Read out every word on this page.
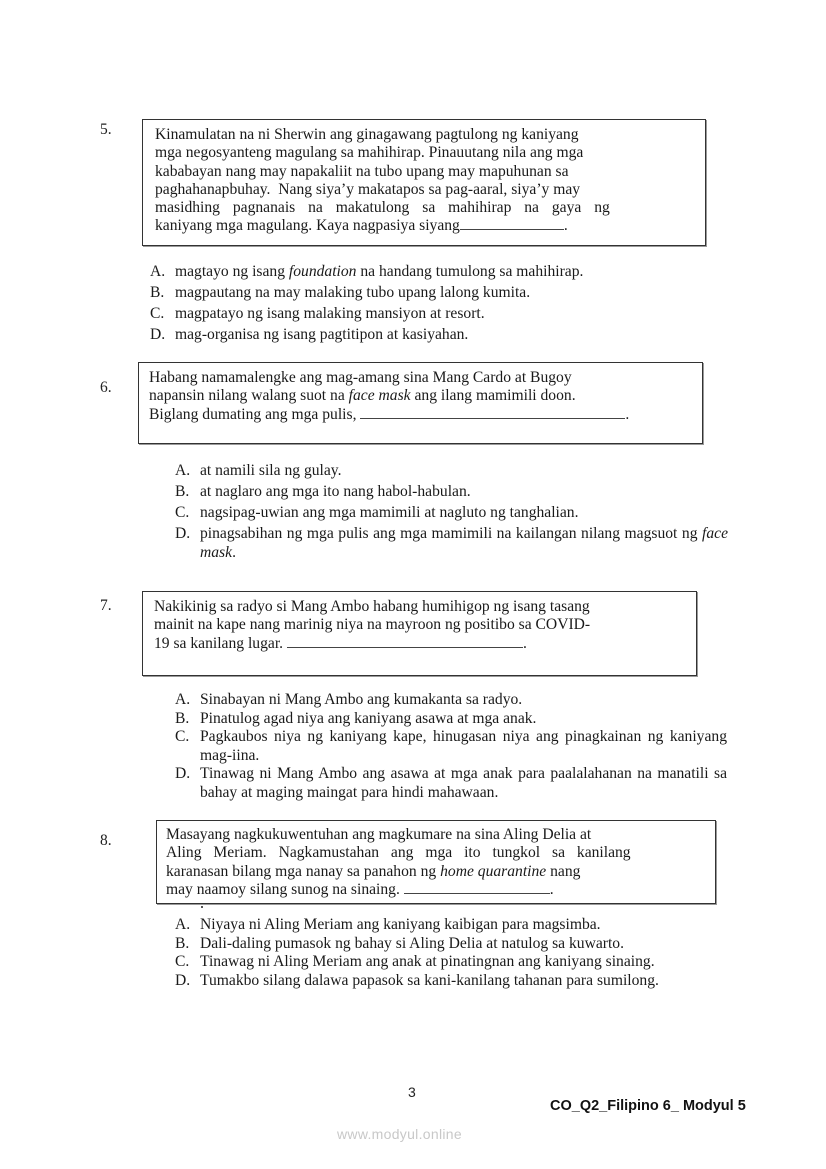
5.	Kinamulatan na ni Sherwin ang ginagawang pagtulong ng kaniyang

mga negosyanteng magulang sa mahihirap. Pinauutang nila ang mga

kababayan nang may napakaliit na tubo upang may mapuhunan sa

paghahanapbuhay.  Nang siya’y makatapos sa pag-aaral, siya’y may

masidhing pagnanais na makatulong sa mahihirap na gaya ng

kaniyang mga magulang. Kaya nagpasiya siyang	.

A. magtayo ng isang foundation na handang tumulong sa mahihirap.
B. magpautang na may malaking tubo upang lalong kumita.
C. magpatayo ng isang malaking mansiyon at resort.
D. mag-organisa ng isang pagtitipon at kasiyahan.
6.

Habang namamalengke ang mag-amang sina Mang Cardo at Bugoy

napansin nilang walang suot na face mask ang ilang mamimili doon.

Biglang dumating ang mga pulis,	.

A. at namili sila ng gulay.
B. at naglaro ang mga ito nang habol-habulan.
C. nagsipag-uwian ang mga mamimili at nagluto ng tanghalian.
D. pinagsabihan ng mga pulis ang mga mamimili na kailangan nilang magsuot ng face mask.
7.	Nakikinig sa radyo si Mang Ambo habang humihigop ng isang tasang

mainit na kape nang marinig niya na mayroon ng positibo sa COVID-

19 sa kanilang lugar.	.

A. Sinabayan ni Mang Ambo ang kumakanta sa radyo.
B. Pinatulog agad niya ang kaniyang asawa at mga anak.
C. Pagkaubos niya ng kaniyang kape, hinugasan niya ang pinagkainan ng kaniyang mag-iina.
D. Tinawag ni Mang Ambo ang asawa at mga anak para paalalahanan na manatili sa bahay at maging maingat para hindi mahawaan.
8.	Masayang nagkukuwentuhan ang magkumare na sina Aling Delia at

Aling Meriam. Nagkamustahan ang mga ito tungkol sa kanilang

karanasan bilang mga nanay sa panahon ng home quarantine nang

may naamoy silang sunog na sinaing.	.

A. Niyaya ni Aling Meriam ang kaniyang kaibigan para magsimba.
B. Dali-daling pumasok ng bahay si Aling Delia at natulog sa kuwarto.
C. Tinawag ni Aling Meriam ang anak at pinatingnan ang kaniyang sinaing.
D. Tumakbo silang dalawa papasok sa kani-kanilang tahanan para sumilong.
3
CO_Q2_Filipino 6_ Modyul 5
www.modyul.online
